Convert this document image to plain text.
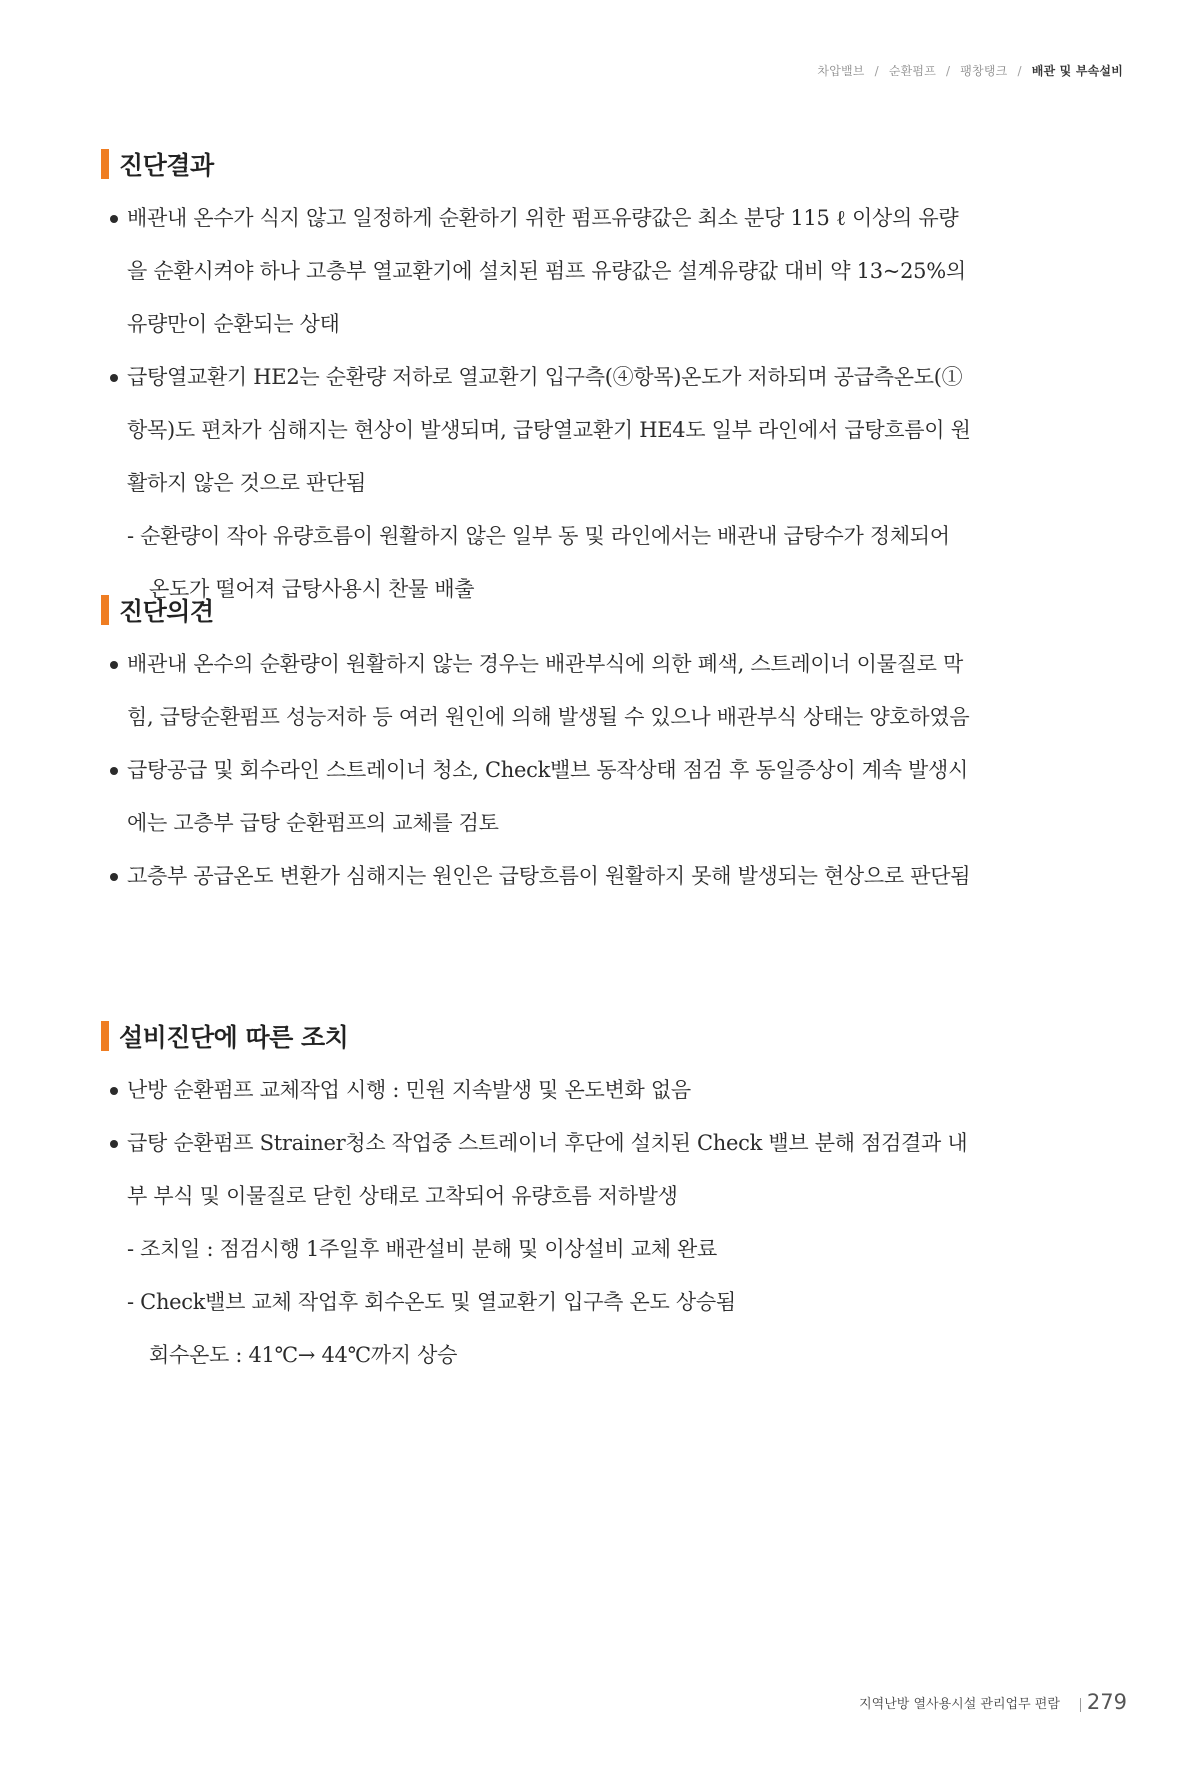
차압밸브 / 순환펌프 / 팽창탱크 / 배관 및 부속설비
진단결과
배관내 온수가 식지 않고 일정하게 순환하기 위한 펌프유량값은 최소 분당 115 ℓ 이상의 유량
을 순환시켜야 하나 고층부 열교환기에 설치된 펌프 유량값은 설계유량값 대비 약 13~25%의
유량만이 순환되는 상태
급탕열교환기 HE2는 순환량 저하로 열교환기 입구측(④항목)온도가 저하되며 공급측온도(①
항목)도 편차가 심해지는 현상이 발생되며, 급탕열교환기 HE4도 일부 라인에서 급탕흐름이 원
활하지 않은 것으로 판단됨
- 순환량이 작아 유량흐름이 원활하지 않은 일부 동 및 라인에서는 배관내 급탕수가 정체되어
온도가 떨어져 급탕사용시 찬물 배출
진단의견
배관내 온수의 순환량이 원활하지 않는 경우는 배관부식에 의한 폐색, 스트레이너 이물질로 막
힘, 급탕순환펌프 성능저하 등 여러 원인에 의해 발생될 수 있으나 배관부식 상태는 양호하였음
급탕공급 및 회수라인 스트레이너 청소, Check밸브 동작상태 점검 후 동일증상이 계속 발생시
에는 고층부 급탕 순환펌프의 교체를 검토
고층부 공급온도 변환가 심해지는 원인은 급탕흐름이 원활하지 못해 발생되는 현상으로 판단됨
설비진단에 따른 조치
난방 순환펌프 교체작업 시행 : 민원 지속발생 및 온도변화 없음
급탕 순환펌프 Strainer청소 작업중 스트레이너 후단에 설치된 Check 밸브 분해 점검결과 내
부 부식 및 이물질로 닫힌 상태로 고착되어 유량흐름 저하발생
- 조치일 : 점검시행 1주일후 배관설비 분해 및 이상설비 교체 완료
- Check밸브 교체 작업후 회수온도 및 열교환기 입구측 온도 상승됨
회수온도 : 41℃→ 44℃까지 상승
지역난방 열사용시설 관리업무 편람 279
